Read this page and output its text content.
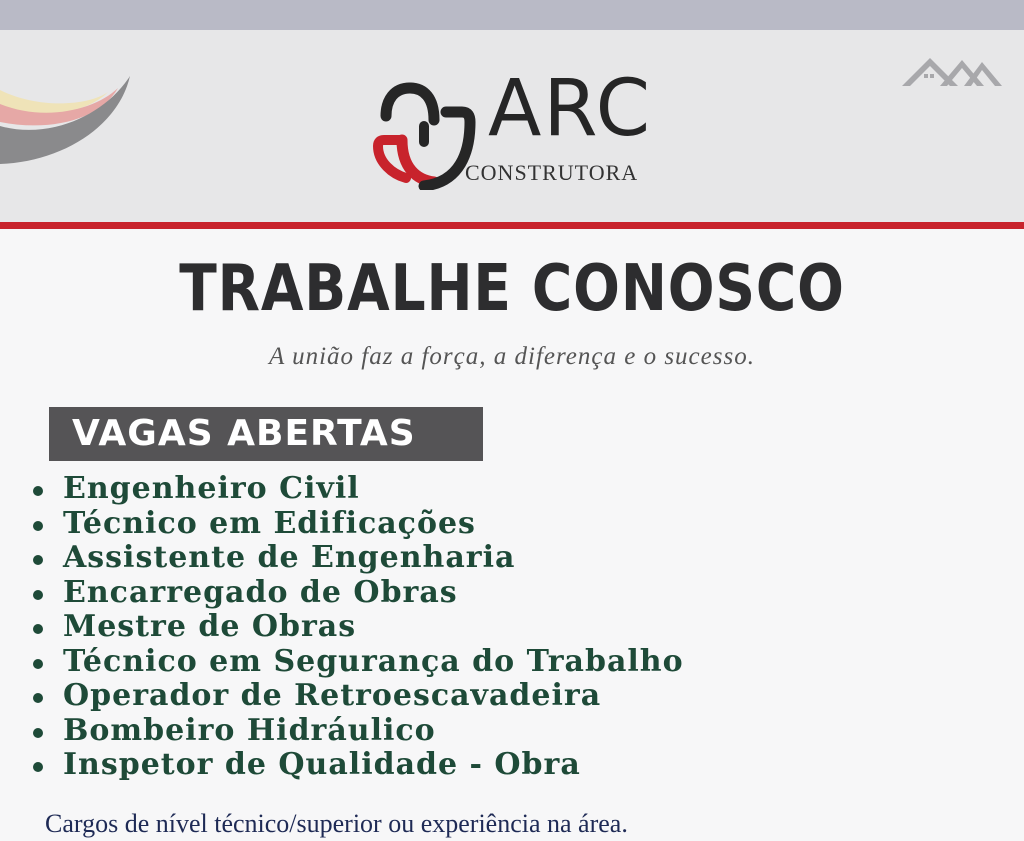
ARC
CONSTRUTORA
TRABALHE CONOSCO
A união faz a força, a diferença e o sucesso.
VAGAS ABERTAS
Engenheiro Civil
Técnico em Edificações
Assistente de Engenharia
Encarregado de Obras
Mestre de Obras
Técnico em Segurança do Trabalho
Operador de Retroescavadeira
Bombeiro Hidráulico
Inspetor de Qualidade - Obra
Cargos de nível técnico/superior ou experiência na área.
